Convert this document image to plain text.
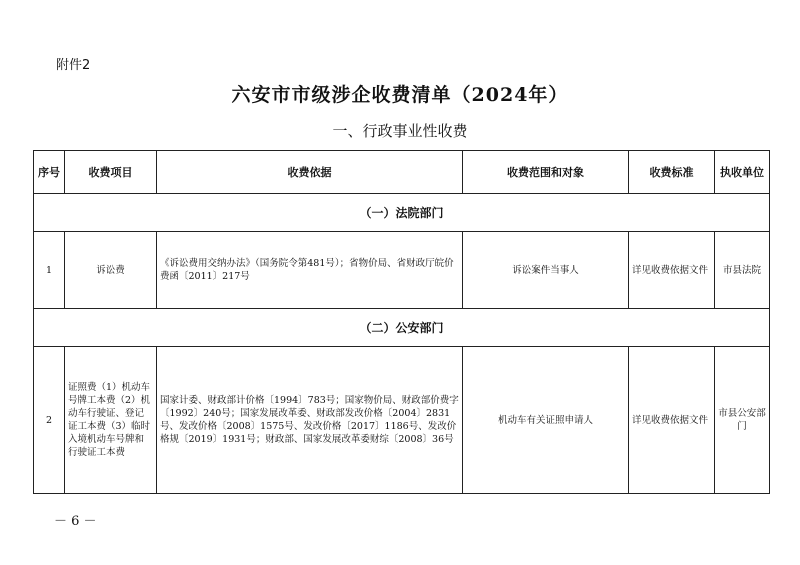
附件2
六安市市级涉企收费清单（2024年）
一、行政事业性收费
序号	收费项目	收费依据	收费范围和对象	收费标准	执收单位
（一）法院部门					
1	诉讼费	《诉讼费用交纳办法》（国务院令第481号）；省物价局、省财政厅皖价费函〔2011〕217号	诉讼案件当事人	详见收费依据文件	市县法院
（二）公安部门					
2	证照费（1）机动车号牌工本费（2）机动车行驶证、登记证工本费（3）临时入境机动车号牌和行驶证工本费	国家计委、财政部计价格〔1994〕783号；国家物价局、财政部价费字〔1992〕240号；国家发展改革委、财政部发改价格〔2004〕2831号、发改价格〔2008〕1575号、发改价格〔2017〕1186号、发改价格规〔2019〕1931号；财政部、国家发展改革委财综〔2008〕36号	机动车有关证照申请人	详见收费依据文件	市县公安部门
－ 6 －
